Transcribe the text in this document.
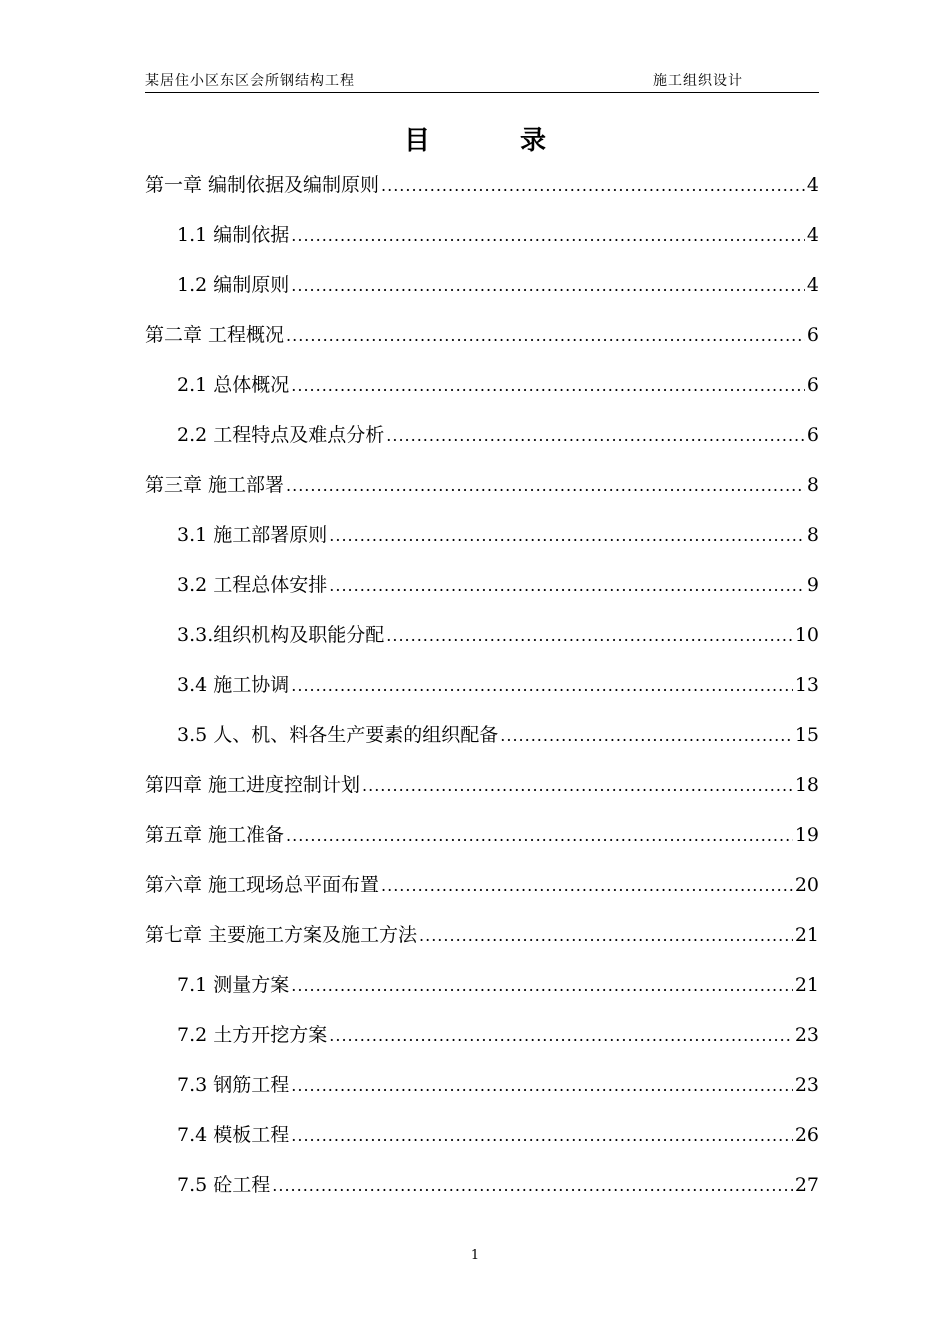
某居住小区东区会所钢结构工程	施工组织设计
目	录
第一章 编制依据及编制原则 .....	4
1.1 编制依据 .....	4
1.2 编制原则 .....	4
第二章 工程概况 .....	6
2.1 总体概况 .....	6
2.2 工程特点及难点分析 .....	6
第三章 施工部署 .....	8
3.1 施工部署原则 .....	8
3.2 工程总体安排 .....	9
3.3.组织机构及职能分配 .....	10
3.4 施工协调 .....	13
3.5 人、机、料各生产要素的组织配备 .....	15
第四章 施工进度控制计划 .....	18
第五章 施工准备 .....	19
第六章 施工现场总平面布置 .....	20
第七章 主要施工方案及施工方法 .....	21
7.1 测量方案 .....	21
7.2 土方开挖方案 .....	23
7.3 钢筋工程 .....	23
7.4 模板工程 .....	26
7.5 砼工程 .....	27
1
